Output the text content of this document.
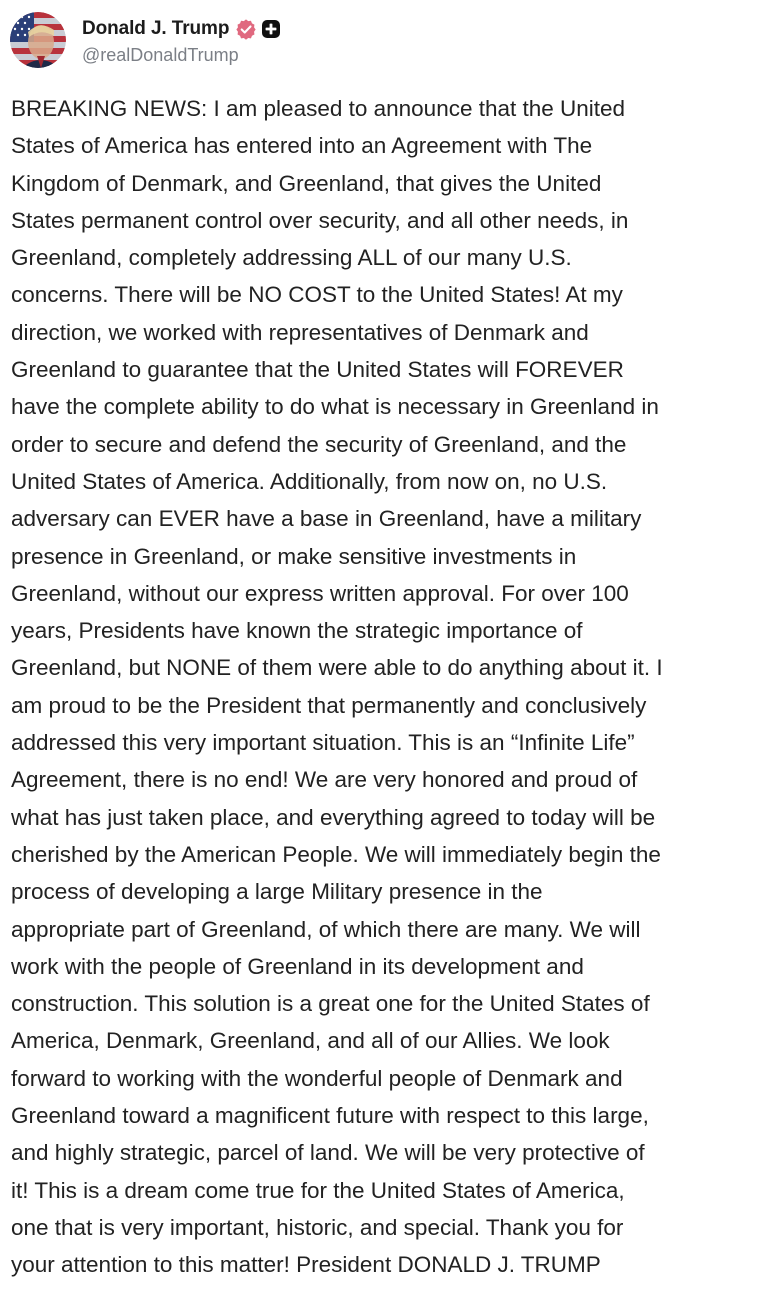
Donald J. Trump
@realDonaldTrump
BREAKING NEWS: I am pleased to announce that the United
States of America has entered into an Agreement with The
Kingdom of Denmark, and Greenland, that gives the United
States permanent control over security, and all other needs, in
Greenland, completely addressing ALL of our many U.S.
concerns. There will be NO COST to the United States! At my
direction, we worked with representatives of Denmark and
Greenland to guarantee that the United States will FOREVER
have the complete ability to do what is necessary in Greenland in
order to secure and defend the security of Greenland, and the
United States of America. Additionally, from now on, no U.S.
adversary can EVER have a base in Greenland, have a military
presence in Greenland, or make sensitive investments in
Greenland, without our express written approval. For over 100
years, Presidents have known the strategic importance of
Greenland, but NONE of them were able to do anything about it. I
am proud to be the President that permanently and conclusively
addressed this very important situation. This is an “Infinite Life”
Agreement, there is no end! We are very honored and proud of
what has just taken place, and everything agreed to today will be
cherished by the American People. We will immediately begin the
process of developing a large Military presence in the
appropriate part of Greenland, of which there are many. We will
work with the people of Greenland in its development and
construction. This solution is a great one for the United States of
America, Denmark, Greenland, and all of our Allies. We look
forward to working with the wonderful people of Denmark and
Greenland toward a magnificent future with respect to this large,
and highly strategic, parcel of land. We will be very protective of
it! This is a dream come true for the United States of America,
one that is very important, historic, and special. Thank you for
your attention to this matter! President DONALD J. TRUMP
